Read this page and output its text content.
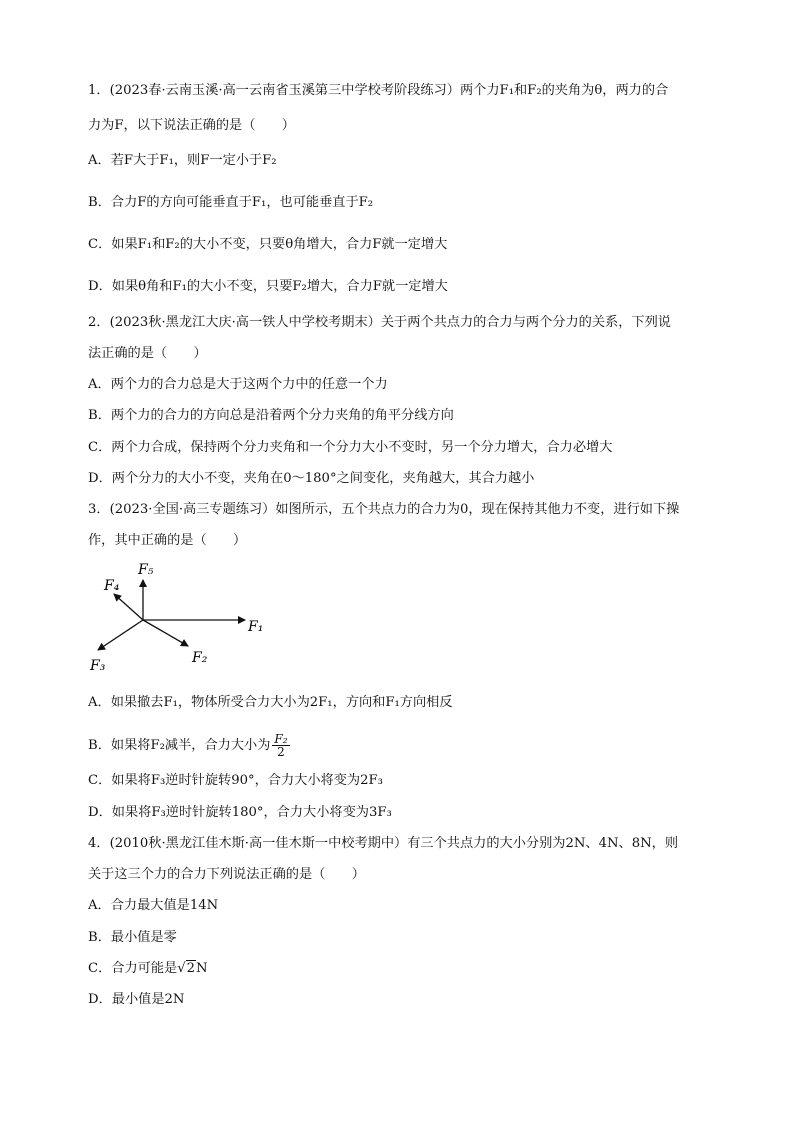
1．(2023春·云南玉溪·高一云南省玉溪第三中学校考阶段练习）两个力F₁和F₂的夹角为θ，两力的合
力为F，以下说法正确的是（　　）
A．若F大于F₁，则F一定小于F₂
B．合力F的方向可能垂直于F₁，也可能垂直于F₂
C．如果F₁和F₂的大小不变，只要θ角增大，合力F就一定增大
D．如果θ角和F₁的大小不变，只要F₂增大，合力F就一定增大
2．(2023秋·黑龙江大庆·高一铁人中学校考期末）关于两个共点力的合力与两个分力的关系，下列说
法正确的是（　　）
A．两个力的合力总是大于这两个力中的任意一个力
B．两个力的合力的方向总是沿着两个分力夹角的角平分线方向
C．两个力合成，保持两个分力夹角和一个分力大小不变时，另一个分力增大，合力必增大
D．两个分力的大小不变，夹角在0～180°之间变化，夹角越大，其合力越小
3．(2023·全国·高三专题练习）如图所示，五个共点力的合力为0，现在保持其他力不变，进行如下操
作，其中正确的是（　　）
F₄
F₅
F₁
F₃	F₂
A．如果撤去F₁，物体所受合力大小为2F₁，方向和F₁方向相反
B．如果将F₂减半，合力大小为 $\frac{\text{F₂}}{2}$
C．如果将F₃逆时针旋转90°，合力大小将变为2F₃
D．如果将F₃逆时针旋转180°，合力大小将变为3F₃
4．(2010秋·黑龙江佳木斯·高一佳木斯一中校考期中）有三个共点力的大小分别为2N、4N、8N，则
关于这三个力的合力下列说法正确的是（　　）
A．合力最大值是14N
B．最小值是零
C．合力可能是√2N
D．最小值是2N
